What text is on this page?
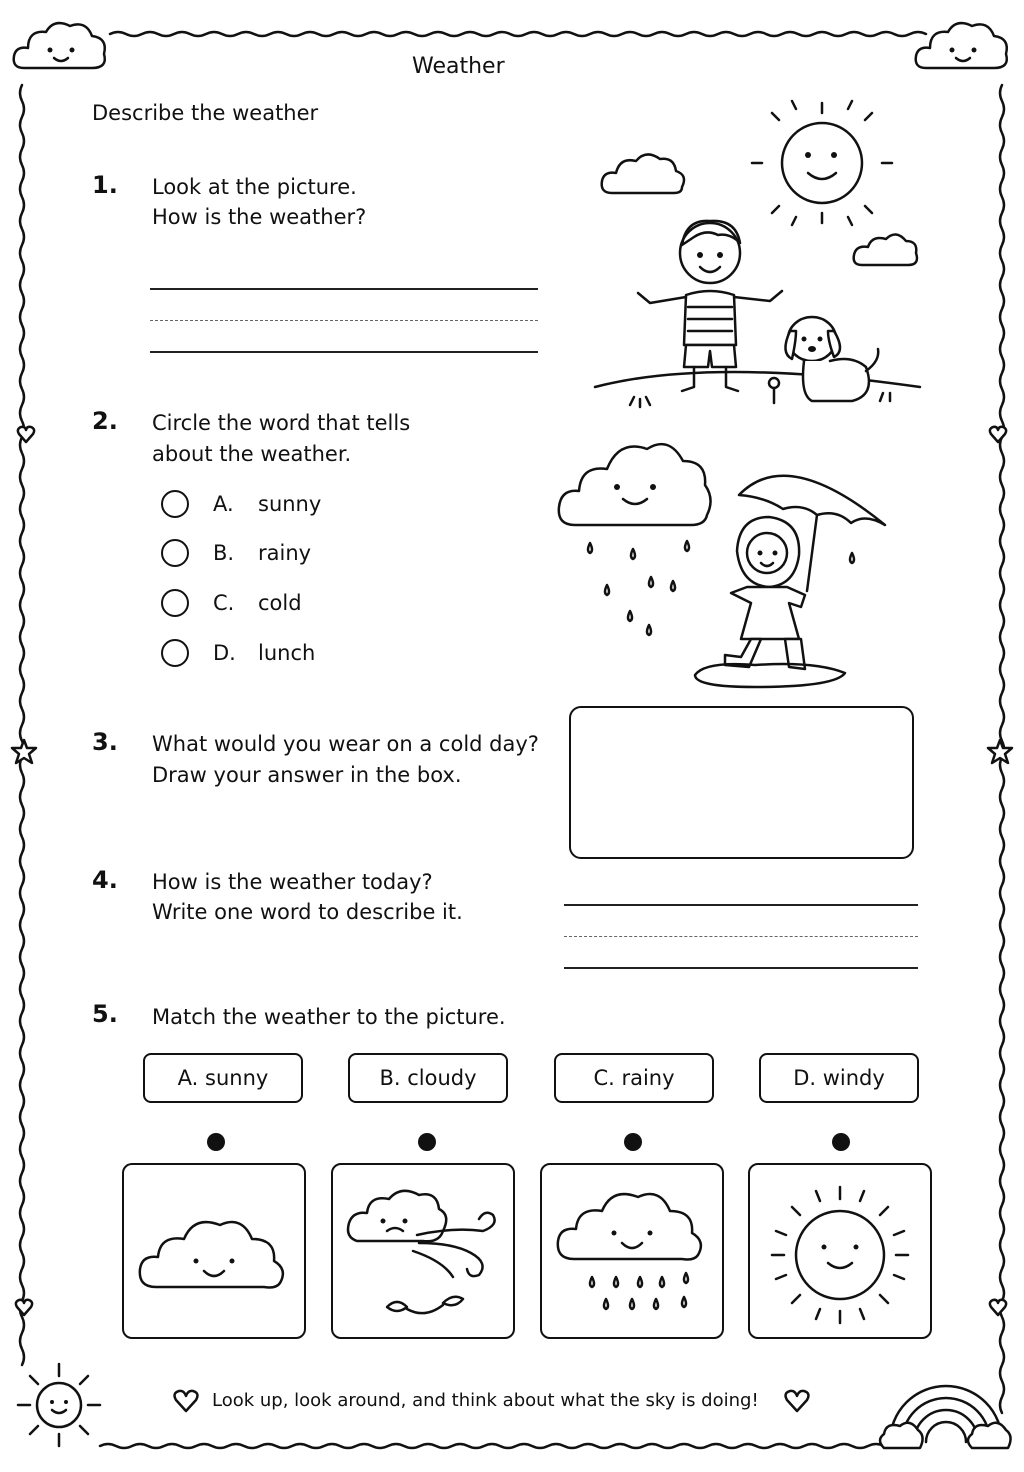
Weather
Describe the weather
1. Look at the picture.
How is the weather?
2. Circle the word that tells
about the weather.
A. sunny
B. rainy
C. cold
D. lunch
3. What would you wear on a cold day?
Draw your answer in the box.
4. How is the weather today?
Write one word to describe it.
5. Match the weather to the picture.
A. sunny	B. cloudy	C. rainy	D. windy
Look up, look around, and think about what the sky is doing!
